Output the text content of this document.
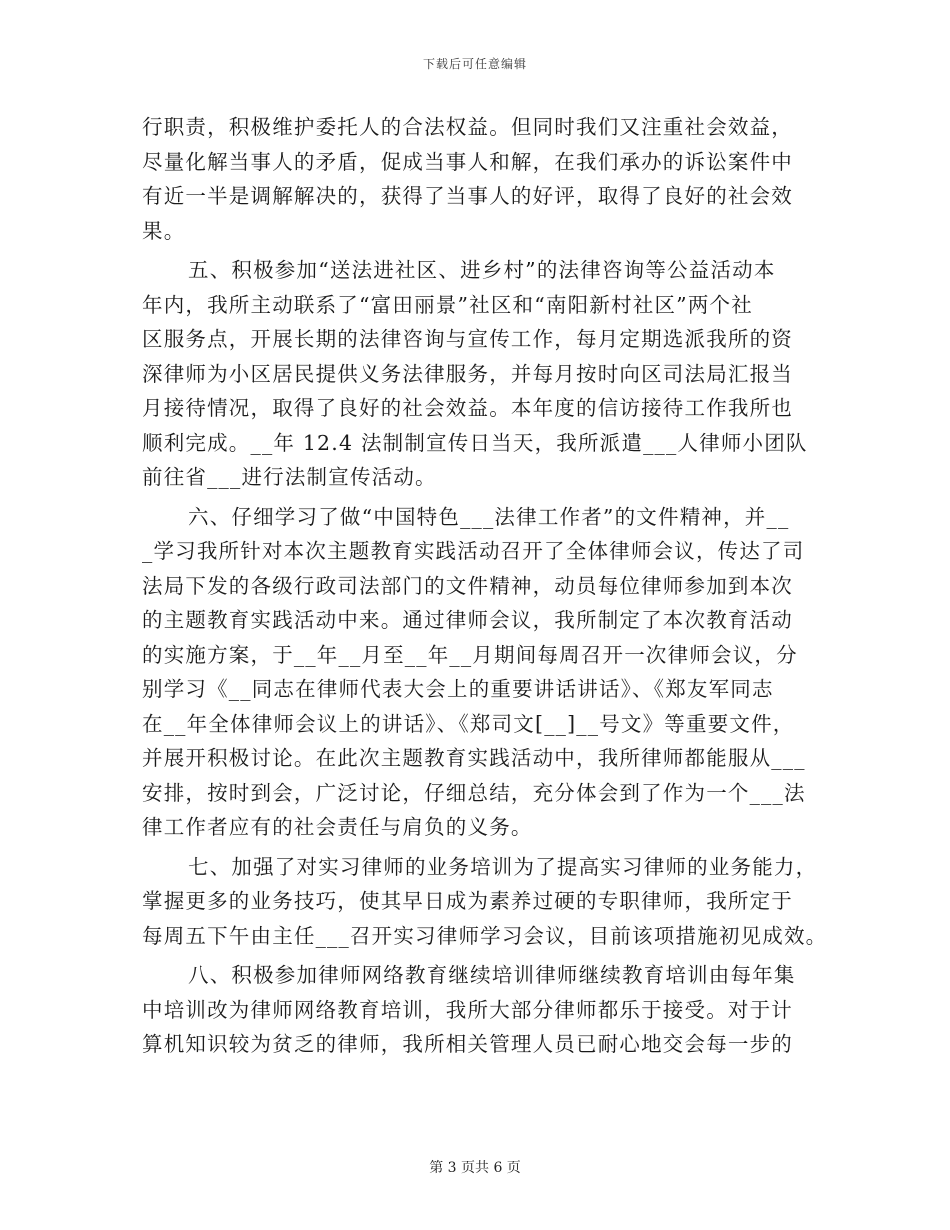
下载后可任意编辑
行职责，积极维护委托人的合法权益。但同时我们又注重社会效益，
尽量化解当事人的矛盾，促成当事人和解，在我们承办的诉讼案件中
有近一半是调解解决的，获得了当事人的好评，取得了良好的社会效
果。
五、积极参加“送法进社区、进乡村”的法律咨询等公益活动本
年内，我所主动联系了“富田丽景”社区和“南阳新村社区”两个社
区服务点，开展长期的法律咨询与宣传工作，每月定期选派我所的资
深律师为小区居民提供义务法律服务，并每月按时向区司法局汇报当
月接待情况，取得了良好的社会效益。本年度的信访接待工作我所也
顺利完成。__年 12.4 法制制宣传日当天，我所派遣___人律师小团队
前往省___进行法制宣传活动。
六、仔细学习了做“中国特色___法律工作者”的文件精神，并__
_学习我所针对本次主题教育实践活动召开了全体律师会议，传达了司
法局下发的各级行政司法部门的文件精神，动员每位律师参加到本次
的主题教育实践活动中来。通过律师会议，我所制定了本次教育活动
的实施方案，于__年__月至__年__月期间每周召开一次律师会议，分
别学习《__同志在律师代表大会上的重要讲话讲话》、《郑友军同志
在__年全体律师会议上的讲话》、《郑司文[__]__号文》等重要文件，
并展开积极讨论。在此次主题教育实践活动中，我所律师都能服从___
安排，按时到会，广泛讨论，仔细总结，充分体会到了作为一个___法
律工作者应有的社会责任与肩负的义务。
七、加强了对实习律师的业务培训为了提高实习律师的业务能力，
掌握更多的业务技巧，使其早日成为素养过硬的专职律师，我所定于
每周五下午由主任___召开实习律师学习会议，目前该项措施初见成效。
八、积极参加律师网络教育继续培训律师继续教育培训由每年集
中培训改为律师网络教育培训，我所大部分律师都乐于接受。对于计
算机知识较为贫乏的律师，我所相关管理人员已耐心地交会每一步的
第 3 页共 6 页
